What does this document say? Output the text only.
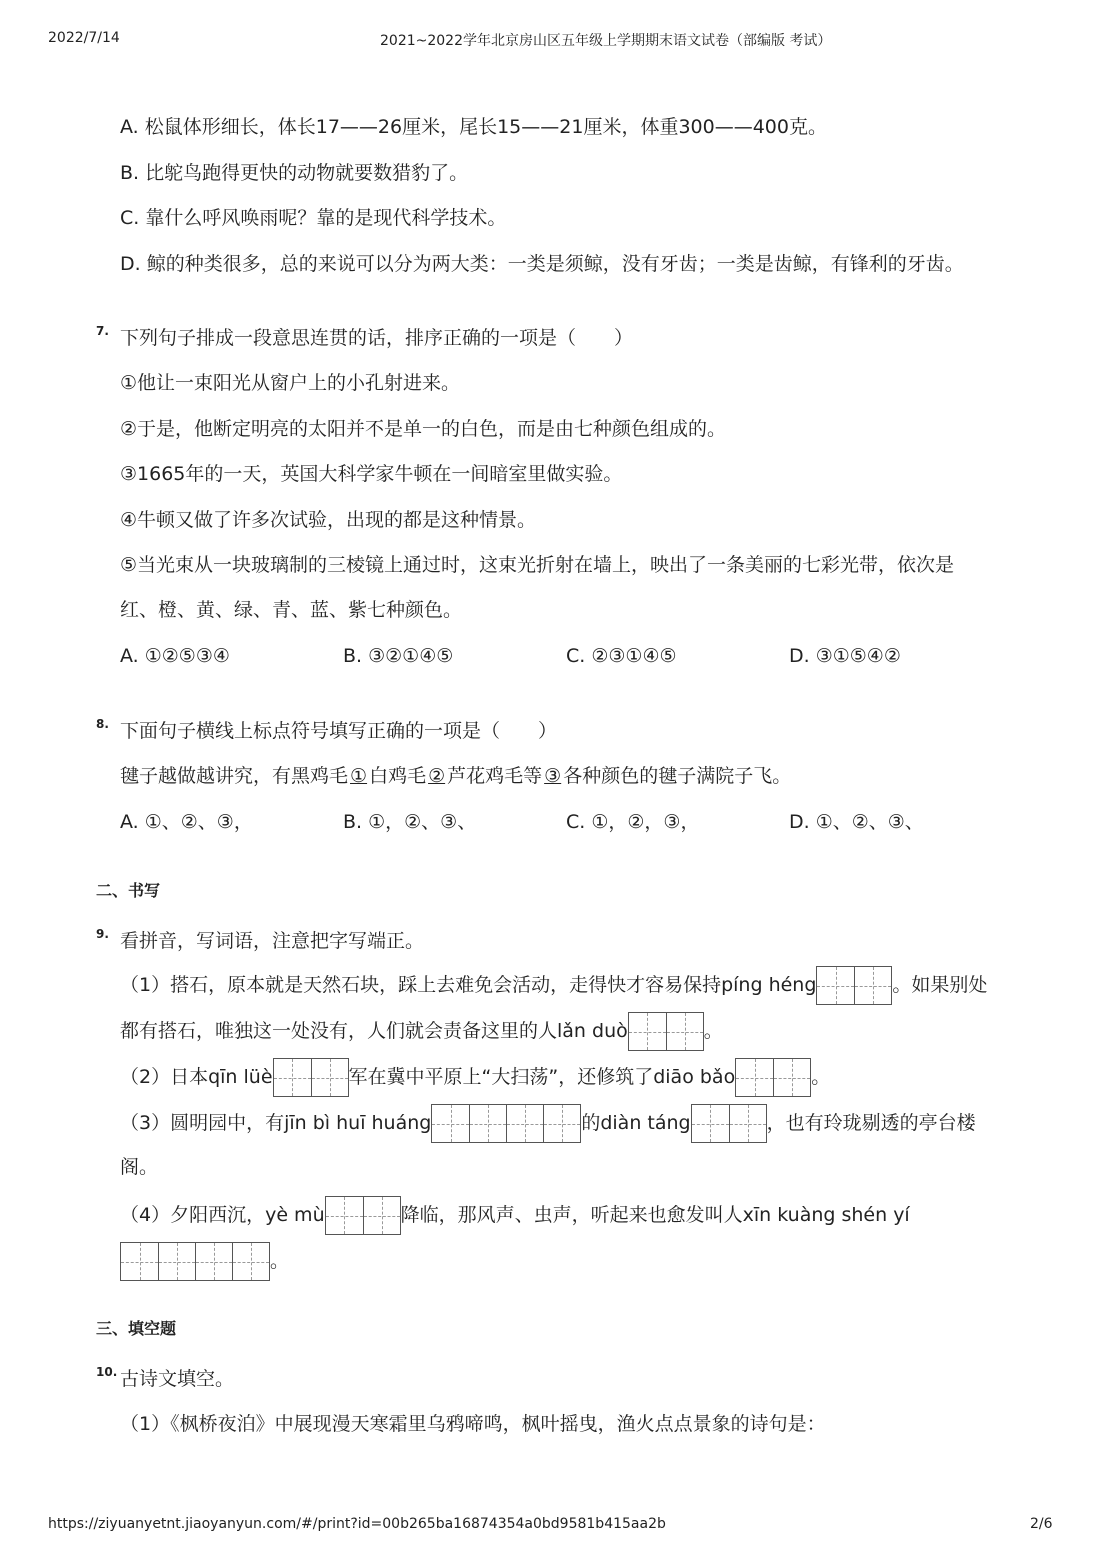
2022/7/14	2021~2022学年北京房山区五年级上学期期末语文试卷（部编版 考试）
A. 松鼠体形细长，体长17——26厘米，尾长15——21厘米，体重300——400克。
B. 比鸵鸟跑得更快的动物就要数猎豹了。
C. 靠什么呼风唤雨呢？靠的是现代科学技术。
D. 鲸的种类很多，总的来说可以分为两大类：一类是须鲸，没有牙齿；一类是齿鲸，有锋利的牙齿。
7. 下列句子排成一段意思连贯的话，排序正确的一项是（　　）
①他让一束阳光从窗户上的小孔射进来。
②于是，他断定明亮的太阳并不是单一的白色，而是由七种颜色组成的。
③1665年的一天，英国大科学家牛顿在一间暗室里做实验。
④牛顿又做了许多次试验，出现的都是这种情景。
⑤当光束从一块玻璃制的三棱镜上通过时，这束光折射在墙上，映出了一条美丽的七彩光带，依次是
红、橙、黄、绿、青、蓝、紫七种颜色。
A. ①②⑤③④	B. ③②①④⑤	C. ②③①④⑤	D. ③①⑤④②
8. 下面句子横线上标点符号填写正确的一项是（　　）
毽子越做越讲究，有黑鸡毛①白鸡毛②芦花鸡毛等③各种颜色的毽子满院子飞。
A. ①、②、③，	B. ①，②、③、	C. ①，②，③，	D. ①、②、③、
二、书写
9. 看拼音，写词语，注意把字写端正。
（1）搭石，原本就是天然石块，踩上去难免会活动，走得快才容易保持píng héng	。如果别处
都有搭石，唯独这一处没有，人们就会责备这里的人lǎn duò	。
（2）日本qīn lüè	军在冀中平原上“大扫荡”，还修筑了diāo bǎo	。
（3）圆明园中，有jīn bì huī huáng	的diàn táng	，也有玲珑剔透的亭台楼
阁。
（4）夕阳西沉，yè mù	降临，那风声、虫声，听起来也愈发叫人xīn kuàng shén yí
。
三、填空题
10. 古诗文填空。
（1）《枫桥夜泊》中展现漫天寒霜里乌鸦啼鸣，枫叶摇曳，渔火点点景象的诗句是：
https://ziyuanyetnt.jiaoyanyun.com/#/print?id=00b265ba16874354a0bd9581b415aa2b	2/6
